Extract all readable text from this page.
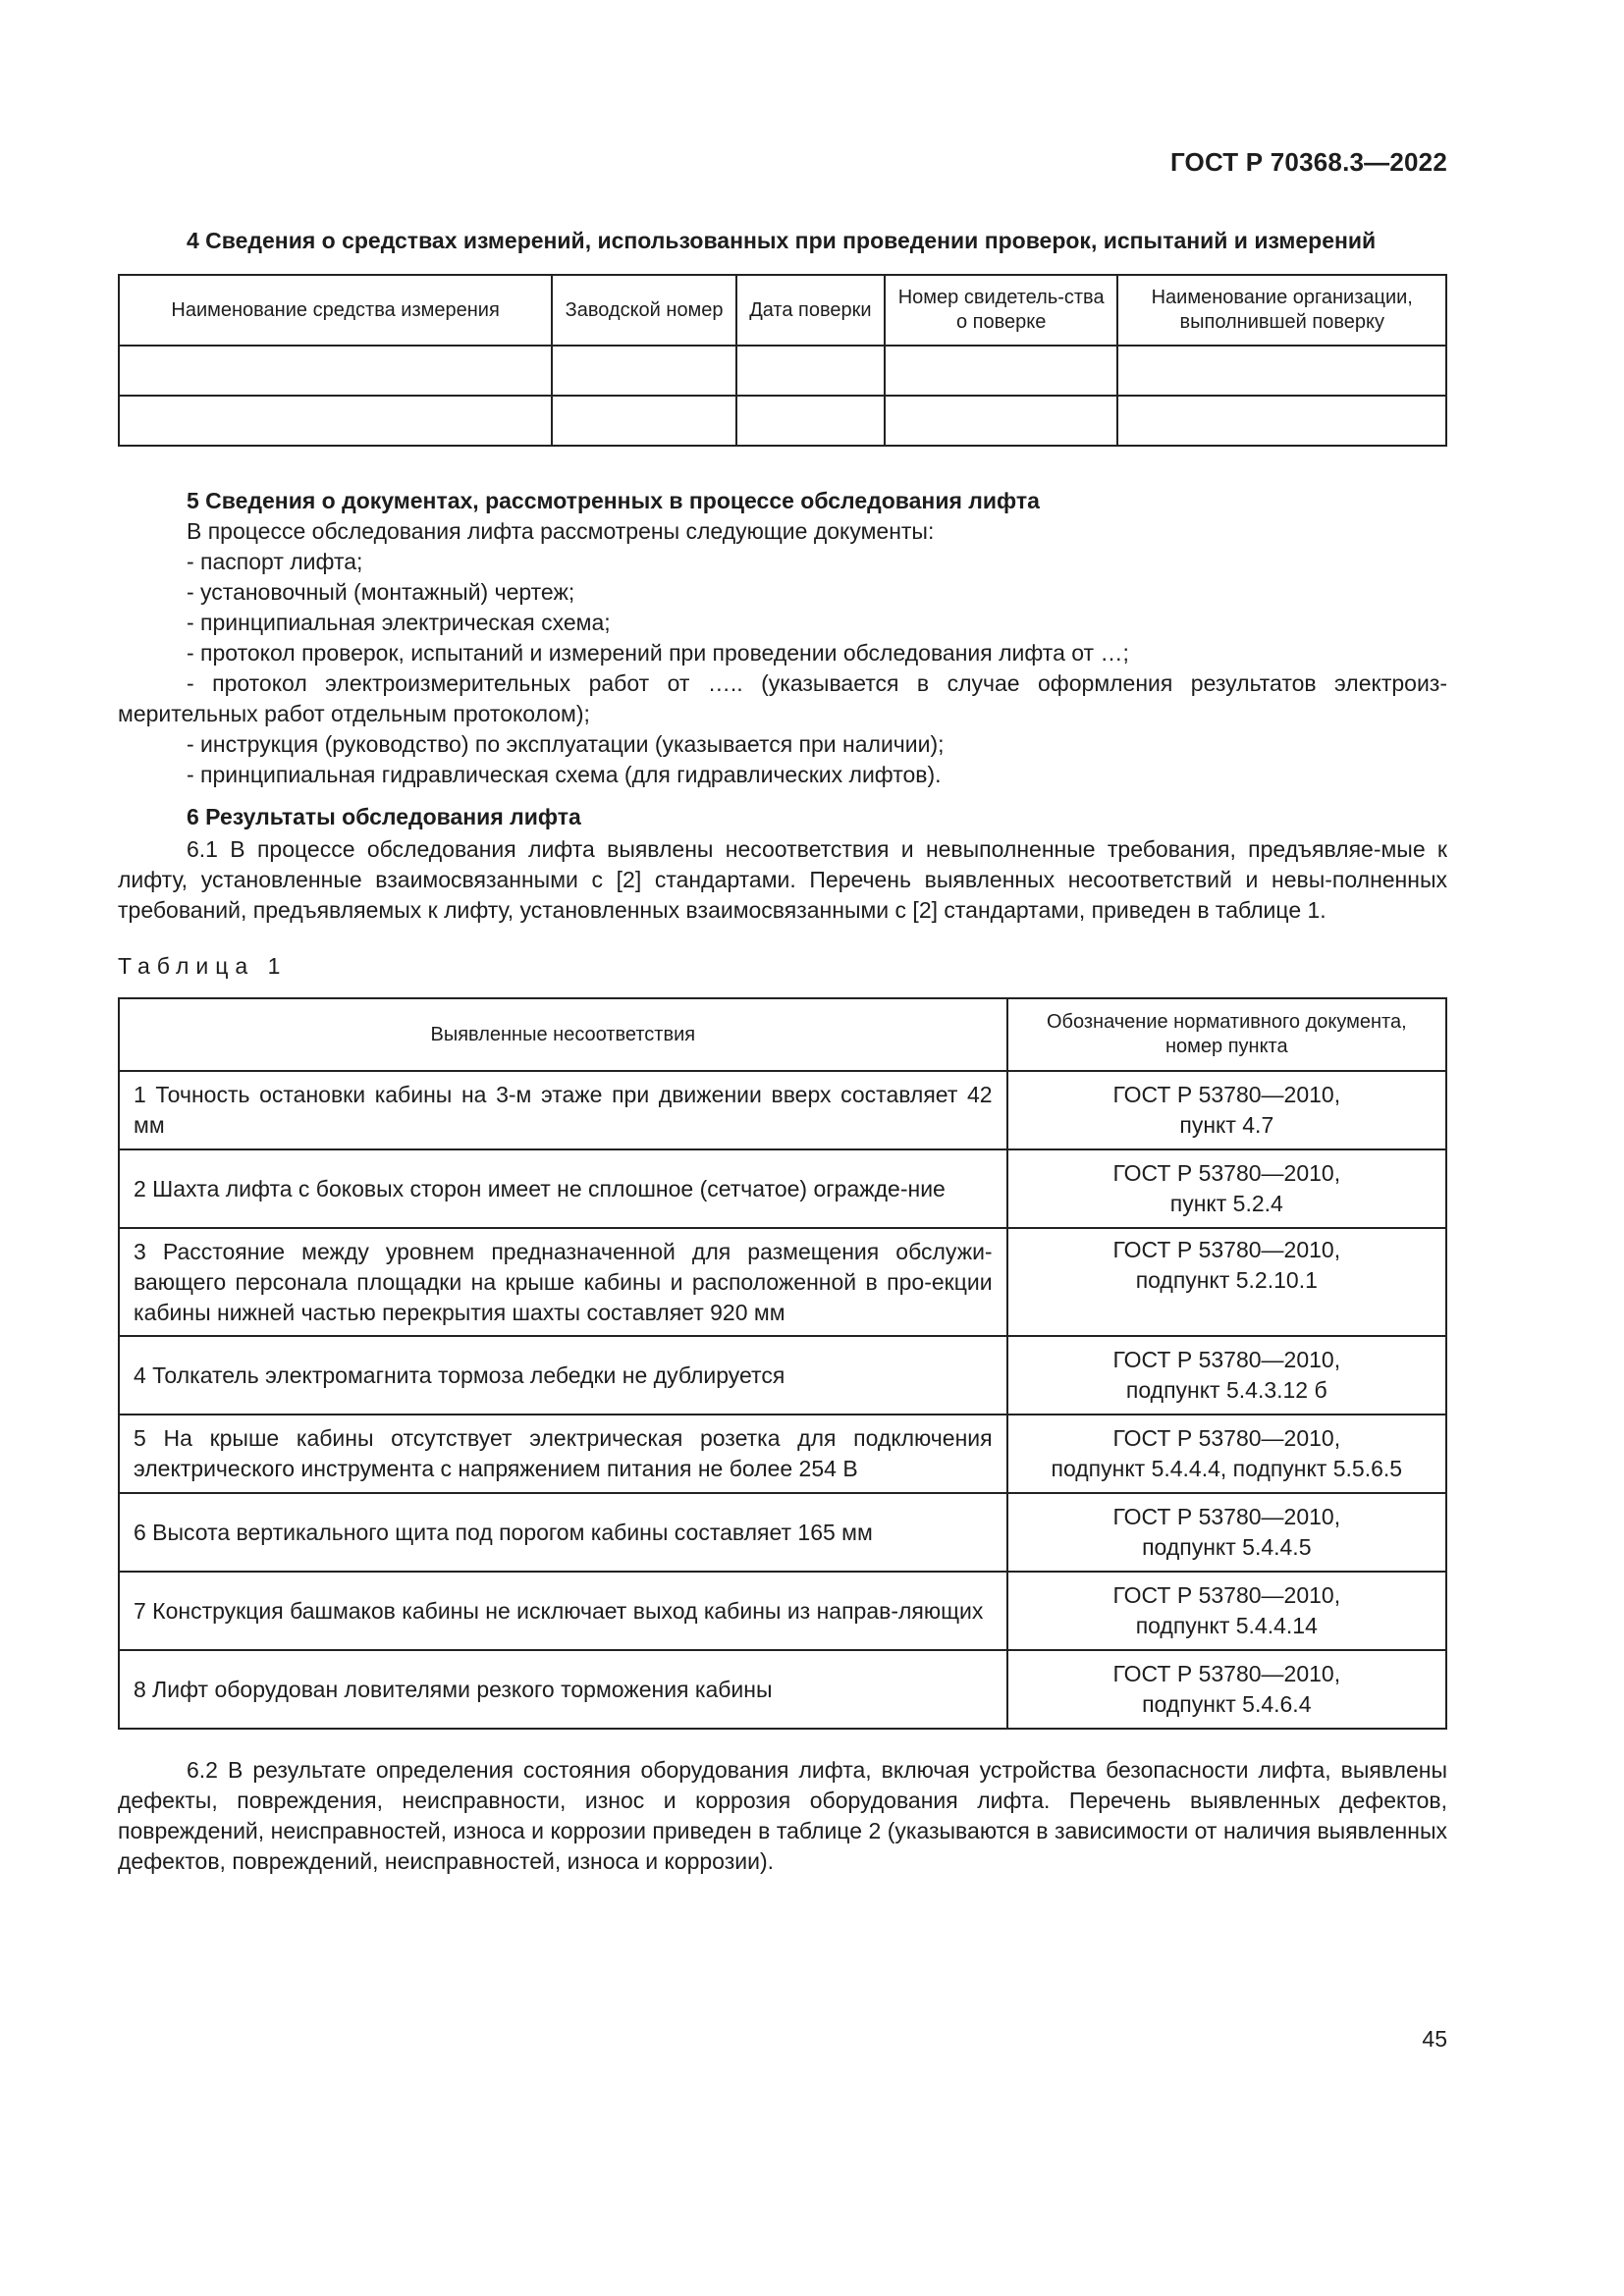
ГОСТ Р 70368.3—2022
4 Сведения о средствах измерений, использованных при проведении проверок, испытаний и измерений
Наименование средства измерения	Заводской номер	Дата поверки	Номер свидетель-ства о поверке	Наименование организации, выполнившей поверку

5 Сведения о документах, рассмотренных в процессе обследования лифта

В процессе обследования лифта рассмотрены следующие документы:

- паспорт лифта;
- установочный (монтажный) чертеж;
- принципиальная электрическая схема;
- протокол проверок, испытаний и измерений при проведении обследования лифта от …;
- протокол электроизмерительных работ от ….. (указывается в случае оформления результатов электроиз-мерительных работ отдельным протоколом);
- инструкция (руководство) по эксплуатации (указывается при наличии);
- принципиальная гидравлическая схема (для гидравлических лифтов).
6 Результаты обследования лифта

6.1 В процессе обследования лифта выявлены несоответствия и невыполненные требования, предъявляе-мые к лифту, установленные взаимосвязанными с [2] стандартами. Перечень выявленных несоответствий и невы-полненных требований, предъявляемых к лифту, установленных взаимосвязанными с [2] стандартами, приведен в таблице 1.

Таблица 1
Выявленные несоответствия	Обозначение нормативного документа, номер пункта
1 Точность остановки кабины на 3-м этаже при движении вверх составляет 42 мм	ГОСТ Р 53780—2010,
пункт 4.7

2 Шахта лифта с боковых сторон имеет не сплошное (сетчатое) огражде-ние	ГОСТ Р 53780—2010,
пункт 5.2.4

3 Расстояние между уровнем предназначенной для размещения обслужи-вающего персонала площадки на крыше кабины и расположенной в про-екции кабины нижней частью перекрытия шахты составляет 920 мм	ГОСТ Р 53780—2010,
подпункт 5.2.10.1

4 Толкатель электромагнита тормоза лебедки не дублируется	ГОСТ Р 53780—2010,
подпункт 5.4.3.12 б

5 На крыше кабины отсутствует электрическая розетка для подключения электрического инструмента с напряжением питания не более 254 В	ГОСТ Р 53780—2010,
подпункт 5.4.4.4, подпункт 5.5.6.5

6 Высота вертикального щита под порогом кабины составляет 165 мм	ГОСТ Р 53780—2010,
подпункт 5.4.4.5

7 Конструкция башмаков кабины не исключает выход кабины из направ-ляющих	ГОСТ Р 53780—2010,
подпункт 5.4.4.14

8 Лифт оборудован ловителями резкого торможения кабины	ГОСТ Р 53780—2010,
подпункт 5.4.6.4

6.2 В результате определения состояния оборудования лифта, включая устройства безопасности лифта, выявлены дефекты, повреждения, неисправности, износ и коррозия оборудования лифта. Перечень выявленных дефектов, повреждений, неисправностей, износа и коррозии приведен в таблице 2 (указываются в зависимости от наличия выявленных дефектов, повреждений, неисправностей, износа и коррозии).

45
